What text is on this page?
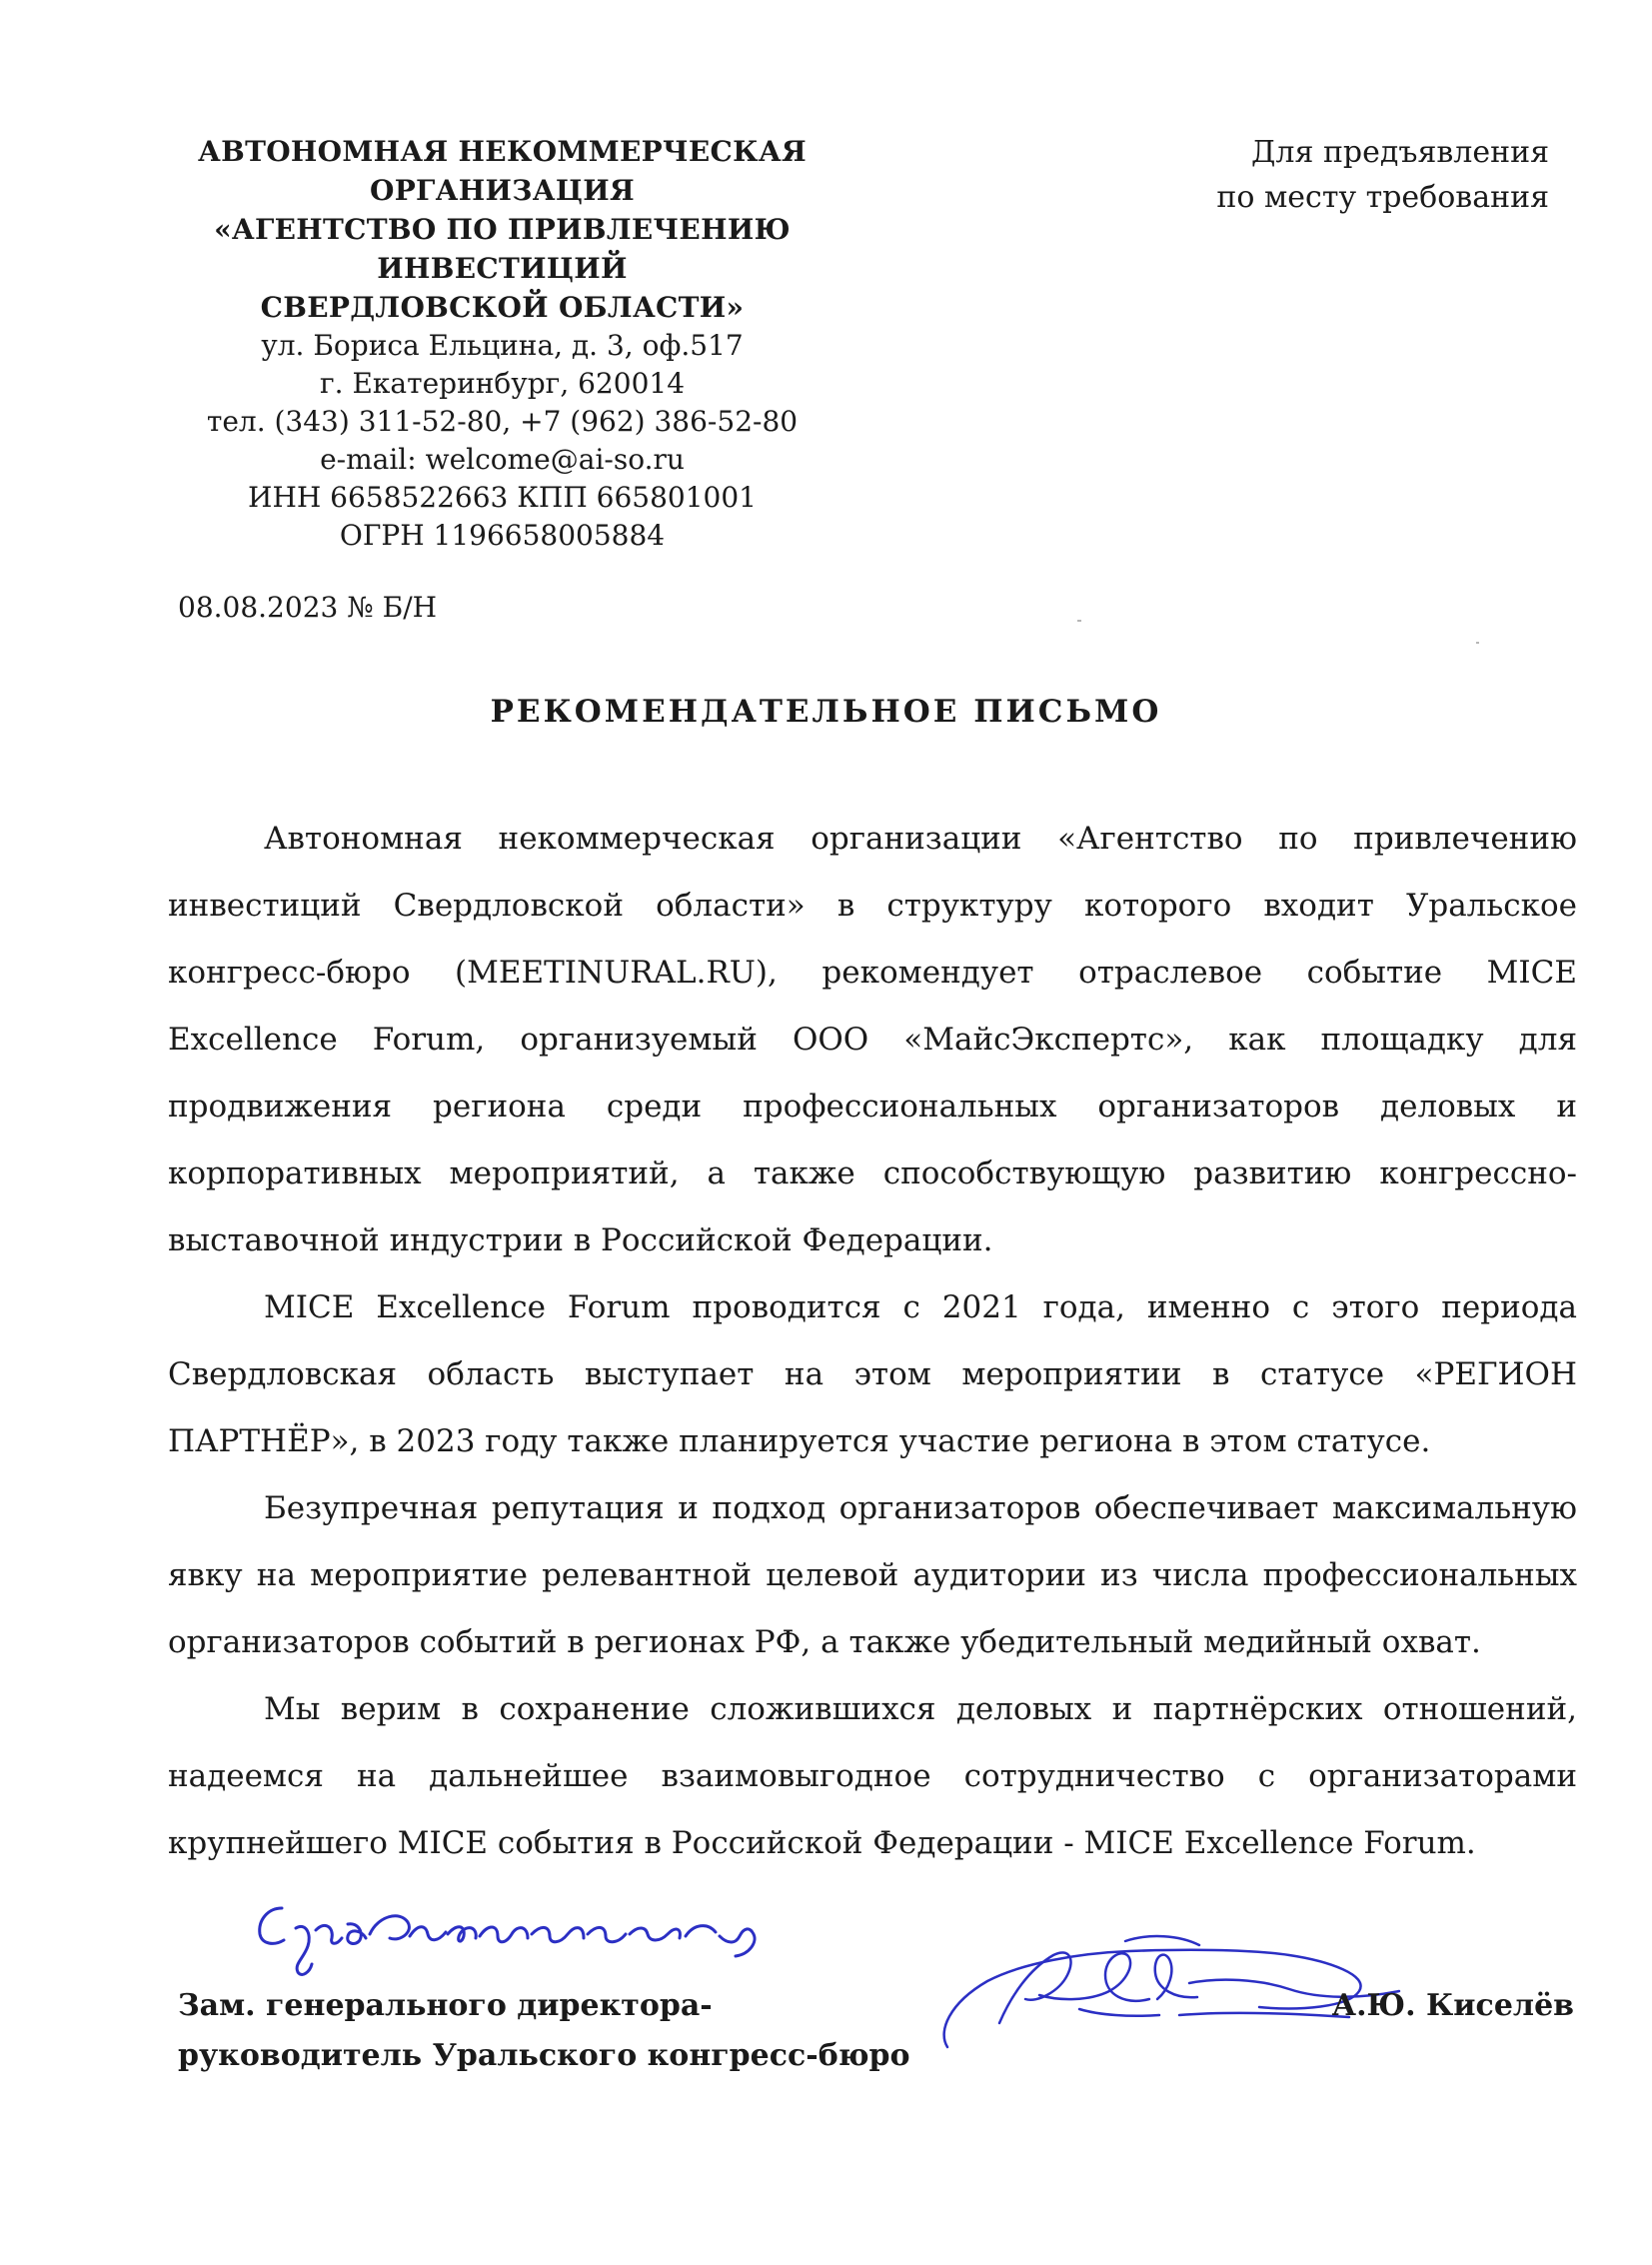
АВТОНОМНАЯ НЕКОММЕРЧЕСКАЯ
ОРГАНИЗАЦИЯ
«АГЕНТСТВО ПО ПРИВЛЕЧЕНИЮ
ИНВЕСТИЦИЙ
СВЕРДЛОВСКОЙ ОБЛАСТИ»
ул. Бориса Ельцина, д. 3, оф.517
г. Екатеринбург, 620014
тел. (343) 311-52-80, +7 (962) 386-52-80
e-mail: welcome@ai-so.ru
ИНН 6658522663 КПП 665801001
ОГРН 1196658005884
Для предъявления
по месту требования
08.08.2023 № Б/Н
РЕКОМЕНДАТЕЛЬНОЕ ПИСЬМО

Автономная некоммерческая организации «Агентство по привлечению инвестиций Свердловской области» в структуру которого входит Уральское конгресс-бюро (MEETINURAL.RU), рекомендует отраслевое событие MICE Excellence Forum, организуемый ООО «МайсЭкспертс», как площадку для продвижения региона среди профессиональных организаторов деловых и корпоративных мероприятий, а также способствующую развитию конгрессно-выставочной индустрии в Российской Федерации.

MICE Excellence Forum проводится с 2021 года, именно с этого периода Свердловская область выступает на этом мероприятии в статусе «РЕГИОН ПАРТНЁР», в 2023 году также планируется участие региона в этом статусе.

Безупречная репутация и подход организаторов обеспечивает максимальную явку на мероприятие релевантной целевой аудитории из числа профессиональных организаторов событий в регионах РФ, а также убедительный медийный охват.

Мы верим в сохранение сложившихся деловых и партнёрских отношений, надеемся на дальнейшее взаимовыгодное сотрудничество с организаторами крупнейшего MICE события в Российской Федерации - MICE Excellence Forum.

Зам. генерального директора-
руководитель Уральского конгресс-бюро
А.Ю. Киселёв
